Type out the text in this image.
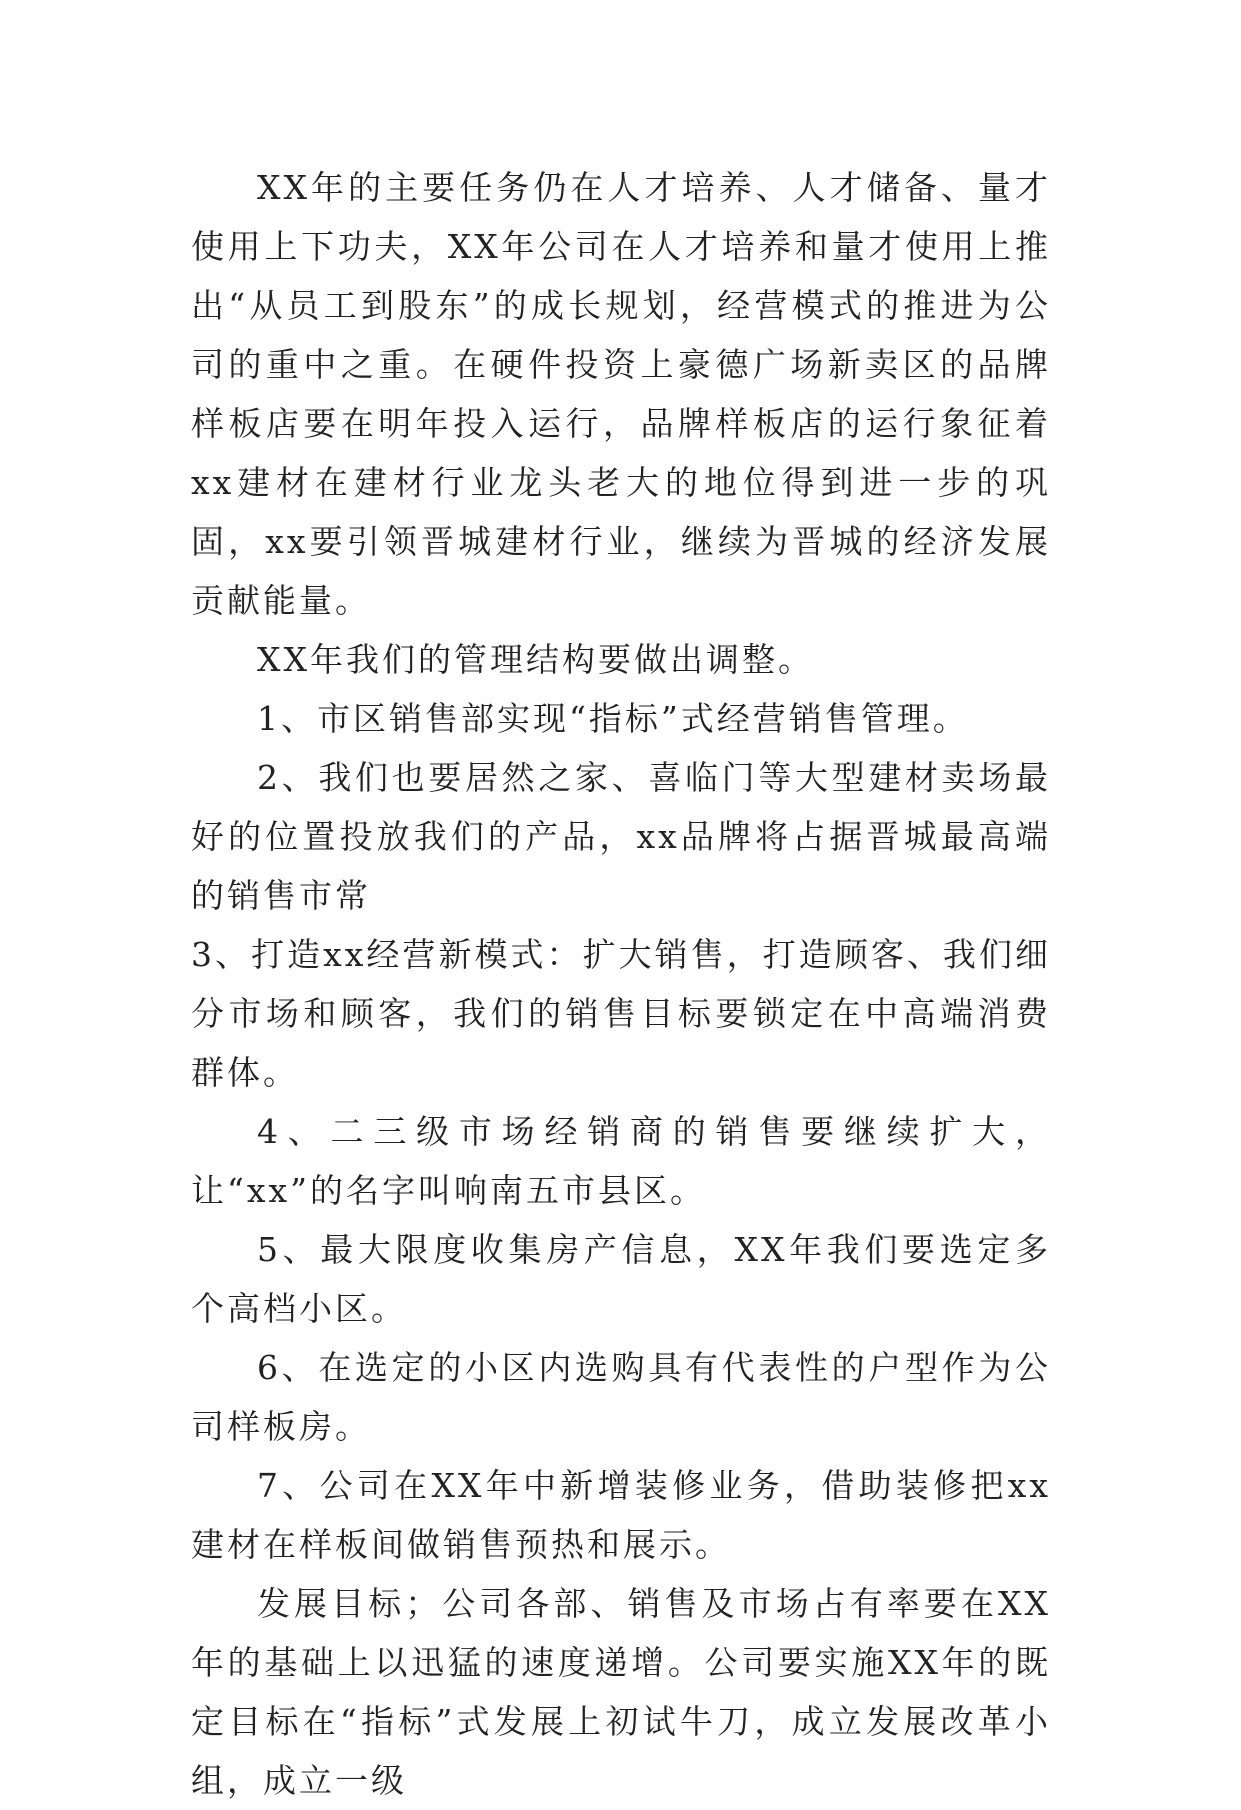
XX年的主要任务仍在人才培养、人才储备、量才使用上下功夫，XX年公司在人才培养和量才使用上推出“从员工到股东”的成长规划，经营模式的推进为公司的重中之重。在硬件投资上豪德广场新卖区的品牌样板店要在明年投入运行，品牌样板店的运行象征着xx建材在建材行业龙头老大的地位得到进一步的巩固，xx要引领晋城建材行业，继续为晋城的经济发展贡献能量。

XX年我们的管理结构要做出调整。

1、市区销售部实现“指标”式经营销售管理。

2、我们也要居然之家、喜临门等大型建材卖场最好的位置投放我们的产品，xx品牌将占据晋城最高端的销售市常

3、打造xx经营新模式：扩大销售，打造顾客、我们细分市场和顾客，我们的销售目标要锁定在中高端消费群体。

4、二三级市场经销商的销售要继续扩大，让“xx”的名字叫响南五市县区。

5、最大限度收集房产信息，XX年我们要选定多个高档小区。

6、在选定的小区内选购具有代表性的户型作为公司样板房。

7、公司在XX年中新增装修业务，借助装修把xx建材在样板间做销售预热和展示。

发展目标；公司各部、销售及市场占有率要在XX年的基础上以迅猛的速度递增。公司要实施XX年的既定目标在“指标”式发展上初试牛刀，成立发展改革小组，成立一级
